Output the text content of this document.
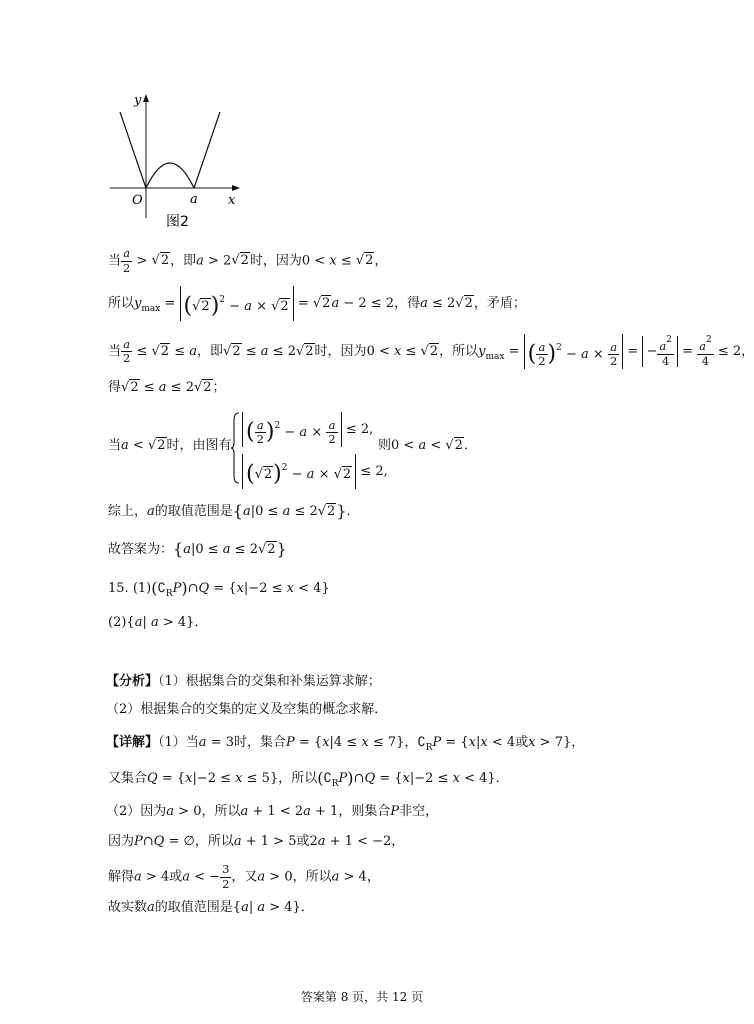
y
x
O	a
图2
当 $\frac{a}{2} > √2$，即a > 2√2时，因为0 < x ≤ √2，
所以$y_{max} = (√2)^2 - a \times √2 = √2a - 2 \le 2$，得a ≤ 2√2，矛盾；
当 $\frac{a}{2} \le √2 \le a$，即√2 ≤ a ≤ 2√2时，因为0 < x ≤ √2，所以$y_{max}$ = ( $\frac{a}{2} )^2 - a \times \frac{a}{2}$ = − $\frac{a^2}{4} = \frac{a^2}{4} \le 2$，
得√2 ≤ a ≤ 2√2；
当a < √2时，由图有
( $\frac{a}{2} )^2 - a \times \frac{a}{2} \le 2$,
$(√2)^2 - a \times √2 \le 2$,
则0 < a < √2．
综上，a的取值范围是{a|0 ≤ a ≤ 2√2}．
故答案为：{a|0 ≤ a ≤ 2√2}
15. $(1)(∁_RP)\cap Q = \{x|-2 \le x < 4\}$
(2){a| a > 4}．
【分析】（1）根据集合的交集和补集运算求解；
（2）根据集合的交集的定义及空集的概念求解．
【详解】（1）当a = 3时，集合P = {x|4 ≤ x ≤ 7}，$∁_RP = \{x|x < 4$或x > 7}，
又集合Q = {x|−2 ≤ x ≤ 5}，所以$(∁_RP)\cap Q = \{x|-2 \le x < 4\}$．
（2）因为a > 0，所以a + 1 < 2a + 1，则集合P非空，
因为P∩Q = ∅，所以a + 1 > 5或2a + 1 < −2，
解得a > 4或a < − $\frac{3}{2}$ ，又a > 0，所以a > 4，
故实数a的取值范围是{a| a > 4}．
答案第 8 页，共 12 页
